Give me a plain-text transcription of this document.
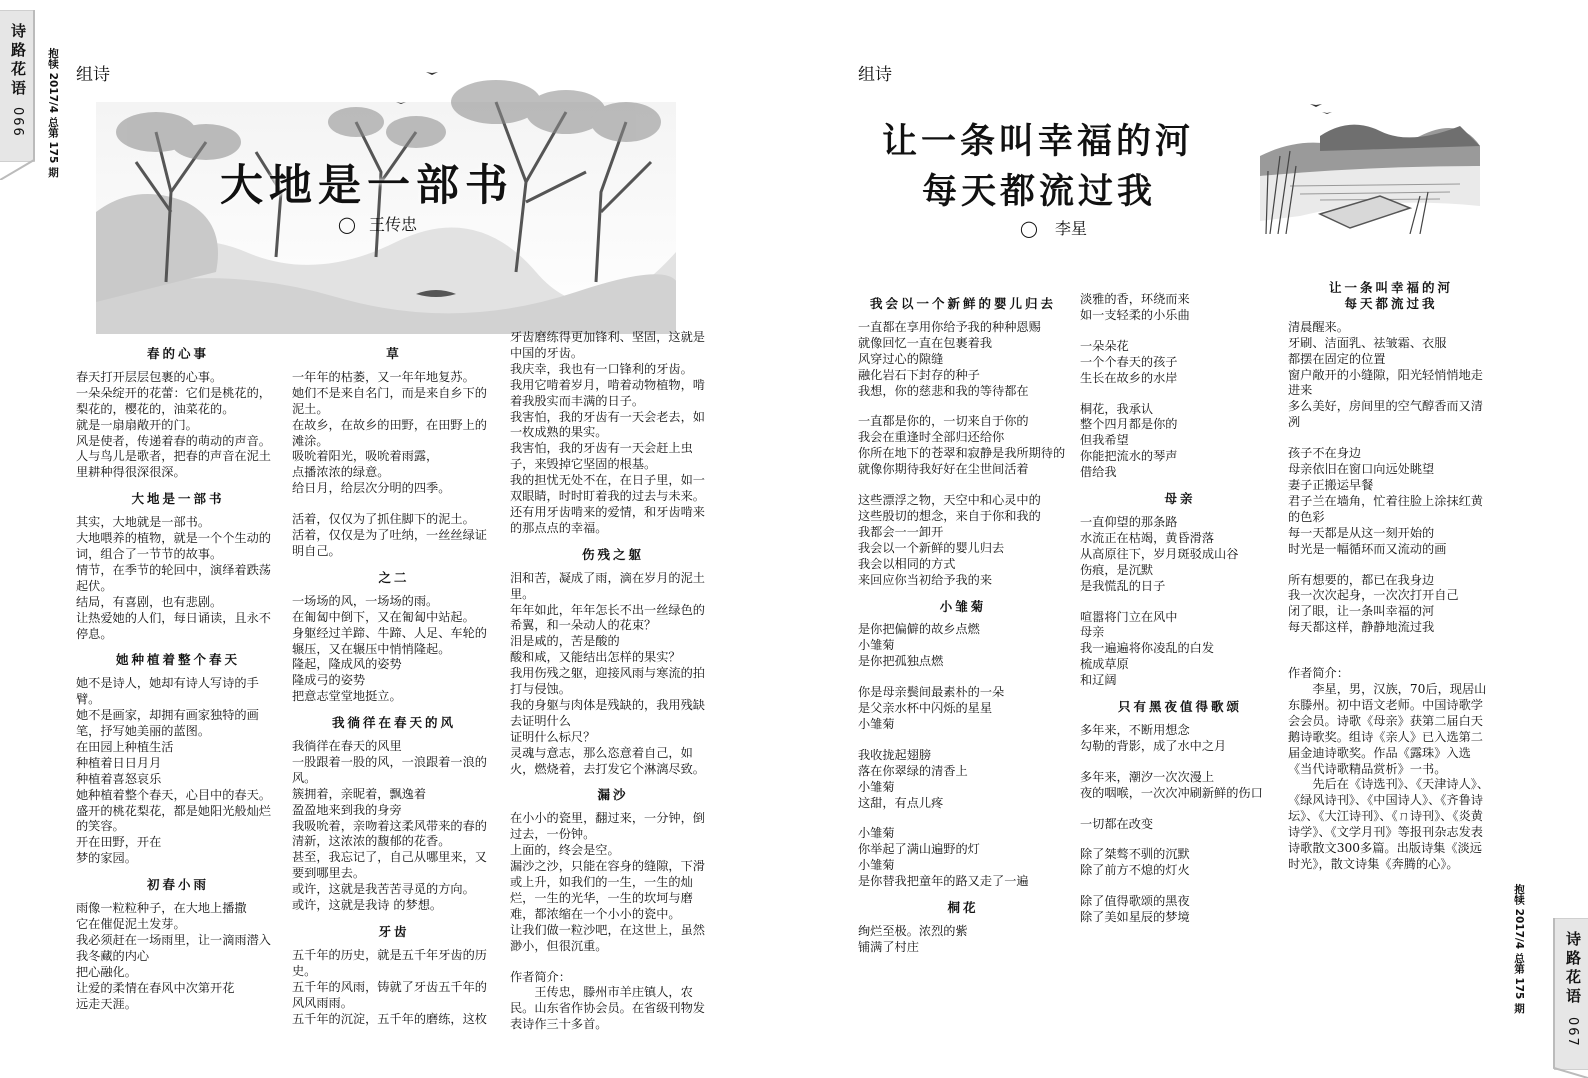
诗路花语
066
抱犊 2017/4 总第 175 期
组诗
大地是一部书
◯ 王传忠
春的心事

春天打开层层包裹的心事。
一朵朵绽开的花蕾：它们是桃花的，梨花的，樱花的，油菜花的。
就是一扇扇敞开的门。
风是使者，传递着春的萌动的声音。
人与鸟儿是歌者，把春的声音在泥土里耕种得很深很深。

大地是一部书

其实，大地就是一部书。
大地喂养的植物，就是一个个生动的词，组合了一节节的故事。
情节，在季节的轮回中，演绎着跌荡起伏。
结局，有喜剧，也有悲剧。
让热爱她的人们，每日诵读，且永不停息。

她种植着整个春天

她不是诗人，她却有诗人写诗的手臂。
她不是画家，却拥有画家独特的画笔，抒写她美丽的蓝图。
在田园上种植生活
种植着日日月月
种植着喜怒哀乐
她种植着整个春天，心目中的春天。
盛开的桃花梨花，都是她阳光般灿烂的笑容。
开在田野，开在
梦的家园。

初春小雨

雨像一粒粒种子，在大地上播撒
它在催促泥土发芽。
我必须赶在一场雨里，让一滴雨潜入我冬藏的内心
把心融化。
让爱的柔情在春风中次第开花
远走天涯。

草

一年年的枯萎，又一年年地复苏。
她们不是来自名门，而是来自乡下的泥土。
在故乡，在故乡的田野，在田野上的滩涂。
吸吮着阳光，吸吮着雨露，
点播浓浓的绿意。
给日月，给层次分明的四季。

活着，仅仅为了抓住脚下的泥土。
活着，仅仅是为了吐纳，一丝丝绿证明自己。

之二

一场场的风，一场场的雨。
在匍匐中倒下，又在匍匐中站起。
身躯经过羊蹄、牛蹄、人足、车轮的辗压，又在辗压中悄悄隆起。
隆起，隆成风的姿势
隆成弓的姿势
把意志堂堂地挺立。

我徜徉在春天的风

我徜徉在春天的风里
一股跟着一股的风，一浪跟着一浪的风。
簇拥着，亲昵着，飘逸着
盈盈地来到我的身旁
我吸吮着，亲吻着这柔风带来的春的清新，这浓浓的馥郁的花香。
甚至，我忘记了，自己从哪里来，又要到哪里去。
或许，这就是我苦苦寻觅的方向。
或许，这就是我诗 的梦想。

牙齿

五千年的历史，就是五千年牙齿的历史。
五千年的风雨，铸就了牙齿五千年的风风雨雨。
五千年的沉淀，五千年的磨练，这枚

牙齿磨练得更加锋利、坚固，这就是中国的牙齿。
我庆幸，我也有一口锋利的牙齿。
我用它啃着岁月，啃着动物植物，啃着我殷实而丰满的日子。
我害怕，我的牙齿有一天会老去，如一枚成熟的果实。
我害怕，我的牙齿有一天会赶上虫子，来毁掉它坚固的根基。
我的担忧无处不在，在日子里，如一双眼睛，时时盯着我的过去与未来。
还有用牙齿啃来的爱情，和牙齿啃来的那点点的幸福。

伤残之躯

泪和苦，凝成了雨，滴在岁月的泥土里。
年年如此，年年怎长不出一丝绿色的希翼，和一朵动人的花束？
泪是咸的，苦是酸的
酸和咸，又能结出怎样的果实？
我用伤残之躯，迎接风雨与寒流的拍打与侵蚀。
我的身躯与肉体是残缺的，我用残缺去证明什么
证明什么标尺？
灵魂与意志，那么恣意着自己，如火，燃烧着，去打发它个淋漓尽致。

漏沙

在小小的瓷里，翻过来，一分钟，倒过去，一份钟。
上面的，终会是空。
漏沙之沙，只能在容身的缝隙，下滑或上升，如我们的一生，一生的灿烂，一生的光华，一生的坎坷与磨难，都浓缩在一个小小的瓷中。
让我们做一粒沙吧，在这世上，虽然渺小，但很沉重。

作者简介：
　　王传忠，滕州市羊庄镇人，农民。山东省作协会员。在省级刊物发表诗作三十多首。

组诗
让一条叫幸福的河
每天都流过我
◯ 李星
我会以一个新鲜的婴儿归去

一直都在享用你给予我的种种恩赐
就像回忆一直在包裹着我
风穿过心的隙缝
融化岩石下封存的种子
我想，你的慈悲和我的等待都在

一直都是你的，一切来自于你的
我会在重逢时全部归还给你
你所在地下的苍翠和寂静是我所期待的
就像你期待我好好在尘世间活着

这些漂浮之物，天空中和心灵中的
这些殷切的想念，来自于你和我的
我都会一一卸开
我会以一个新鲜的婴儿归去
我会以相同的方式
来回应你当初给予我的来

小雏菊

是你把偏僻的故乡点燃
小雏菊
是你把孤独点燃

你是母亲鬓间最素朴的一朵
是父亲水杯中闪烁的星星
小雏菊

我收拢起翅膀
落在你翠绿的清香上
小雏菊
这甜，有点儿疼

小雏菊
你举起了满山遍野的灯
小雏菊
是你替我把童年的路又走了一遍

桐花

绚烂至极。浓烈的紫
铺满了村庄

淡雅的香，环绕而来
如一支轻柔的小乐曲

一朵朵花
一个个春天的孩子
生长在故乡的水岸

桐花，我承认
整个四月都是你的
但我希望
你能把流水的琴声
借给我

母亲

一直仰望的那条路
水流正在枯竭，黄昏滑落
从高原往下，岁月斑驳成山谷
伤痕，是沉默
是我慌乱的日子

喧嚣将门立在风中
母亲
我一遍遍将你凌乱的白发
梳成草原
和辽阔

只有黑夜值得歌颂

多年来，不断用想念
勾勒的背影，成了水中之月

多年来，潮汐一次次漫上
夜的咽喉，一次次冲刷新鲜的伤口

一切都在改变

除了桀骜不驯的沉默
除了前方不熄的灯火

除了值得歌颂的黑夜
除了美如星辰的梦境

让一条叫幸福的河
每天都流过我

清晨醒来。
牙刷、洁面乳、祛皱霜、衣服
都摆在固定的位置
窗户敞开的小缝隙，阳光轻悄悄地走进来
多么美好，房间里的空气醇香而又清冽

孩子不在身边
母亲依旧在窗口向远处眺望
妻子正搬运早餐
君子兰在墙角，忙着往脸上涂抹红黄的色彩
每一天都是从这一刻开始的
时光是一幅循环而又流动的画

所有想要的，都已在我身边
我一次次起身，一次次打开自己
闭了眼，让一条叫幸福的河
每天都这样，静静地流过我

作者简介：
　　李星，男，汉族，70后，现居山东滕州。初中语文老师。中国诗歌学会会员。诗歌《母亲》获第二届白天鹅诗歌奖。组诗《亲人》已入选第二届金迪诗歌奖。作品《露珠》入选《当代诗歌精品赏析》一书。
　　先后在《诗选刊》、《天津诗人》、《绿风诗刊》、《中国诗人》、《齐鲁诗坛》、《大江诗刊》、《ㄇ诗刊》、《炎黄诗学》、《文学月刊》等报刊杂志发表诗歌散文300多篇。出版诗集《淡远时光》，散文诗集《奔腾的心》。

抱犊 2017/4 总第 175 期	诗路花语
067
